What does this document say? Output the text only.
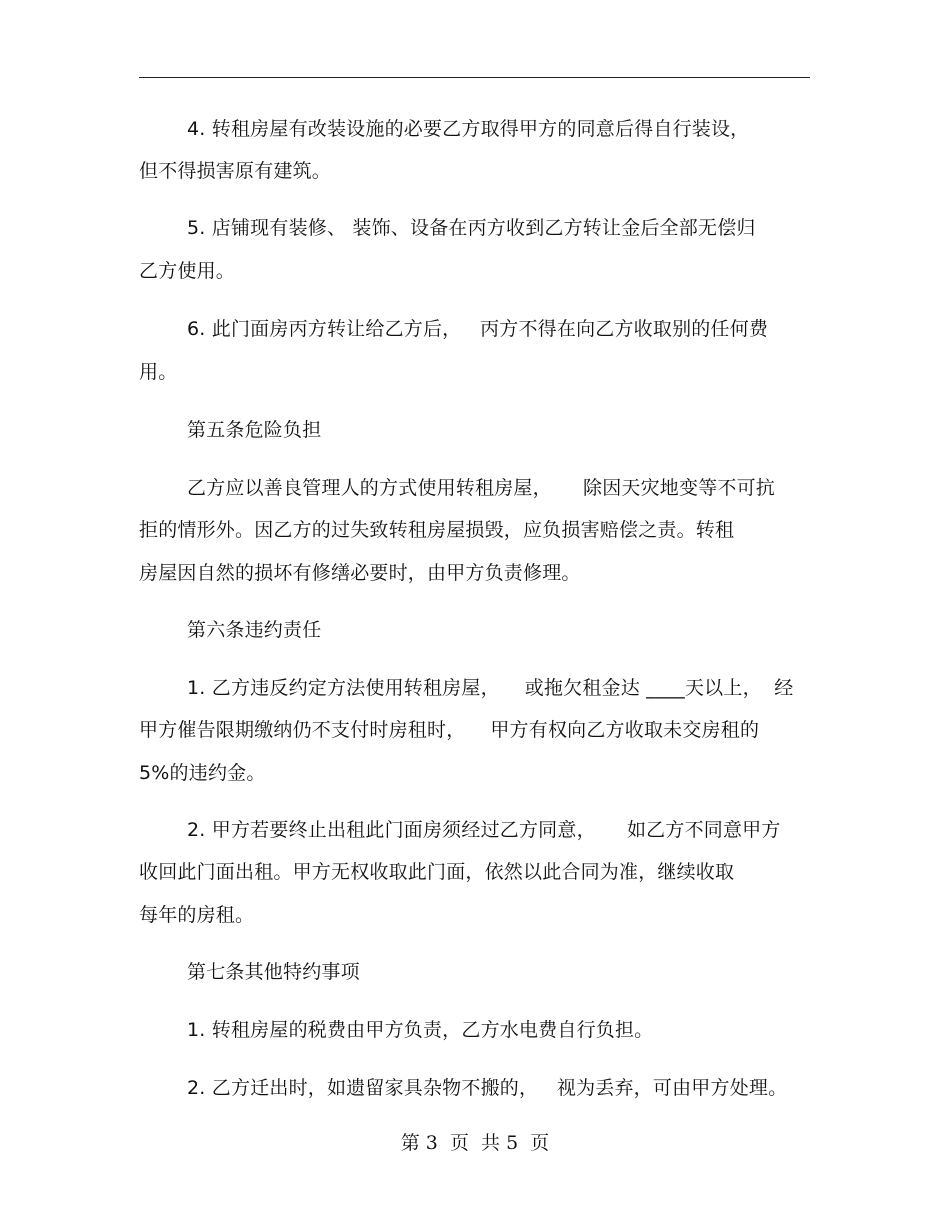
4. 转租房屋有改装设施的必要乙方取得甲方的同意后得自行装设，
但不得损害原有建筑。
5. 店铺现有装修、 装饰、设备在丙方收到乙方转让金后全部无偿归
乙方使用。
6. 此门面房丙方转让给乙方后，   丙方不得在向乙方收取别的任何费
用。
第五条危险负担
乙方应以善良管理人的方式使用转租房屋，     除因天灾地变等不可抗
拒的情形外。因乙方的过失致转租房屋损毁，应负损害赔偿之责。转租
房屋因自然的损坏有修缮必要时，由甲方负责修理。
第六条违约责任
1. 乙方违反约定方法使用转租房屋，    或拖欠租金达 ____天以上，  经
甲方催告限期缴纳仍不支付时房租时，    甲方有权向乙方收取未交房租的
5%的违约金。
2. 甲方若要终止出租此门面房须经过乙方同意，     如乙方不同意甲方
收回此门面出租。甲方无权收取此门面，依然以此合同为准，继续收取
每年的房租。
第七条其他特约事项
1. 转租房屋的税费由甲方负责，乙方水电费自行负担。
2. 乙方迁出时，如遗留家具杂物不搬的，   视为丢弃，可由甲方处理。
第 3  页  共 5  页
